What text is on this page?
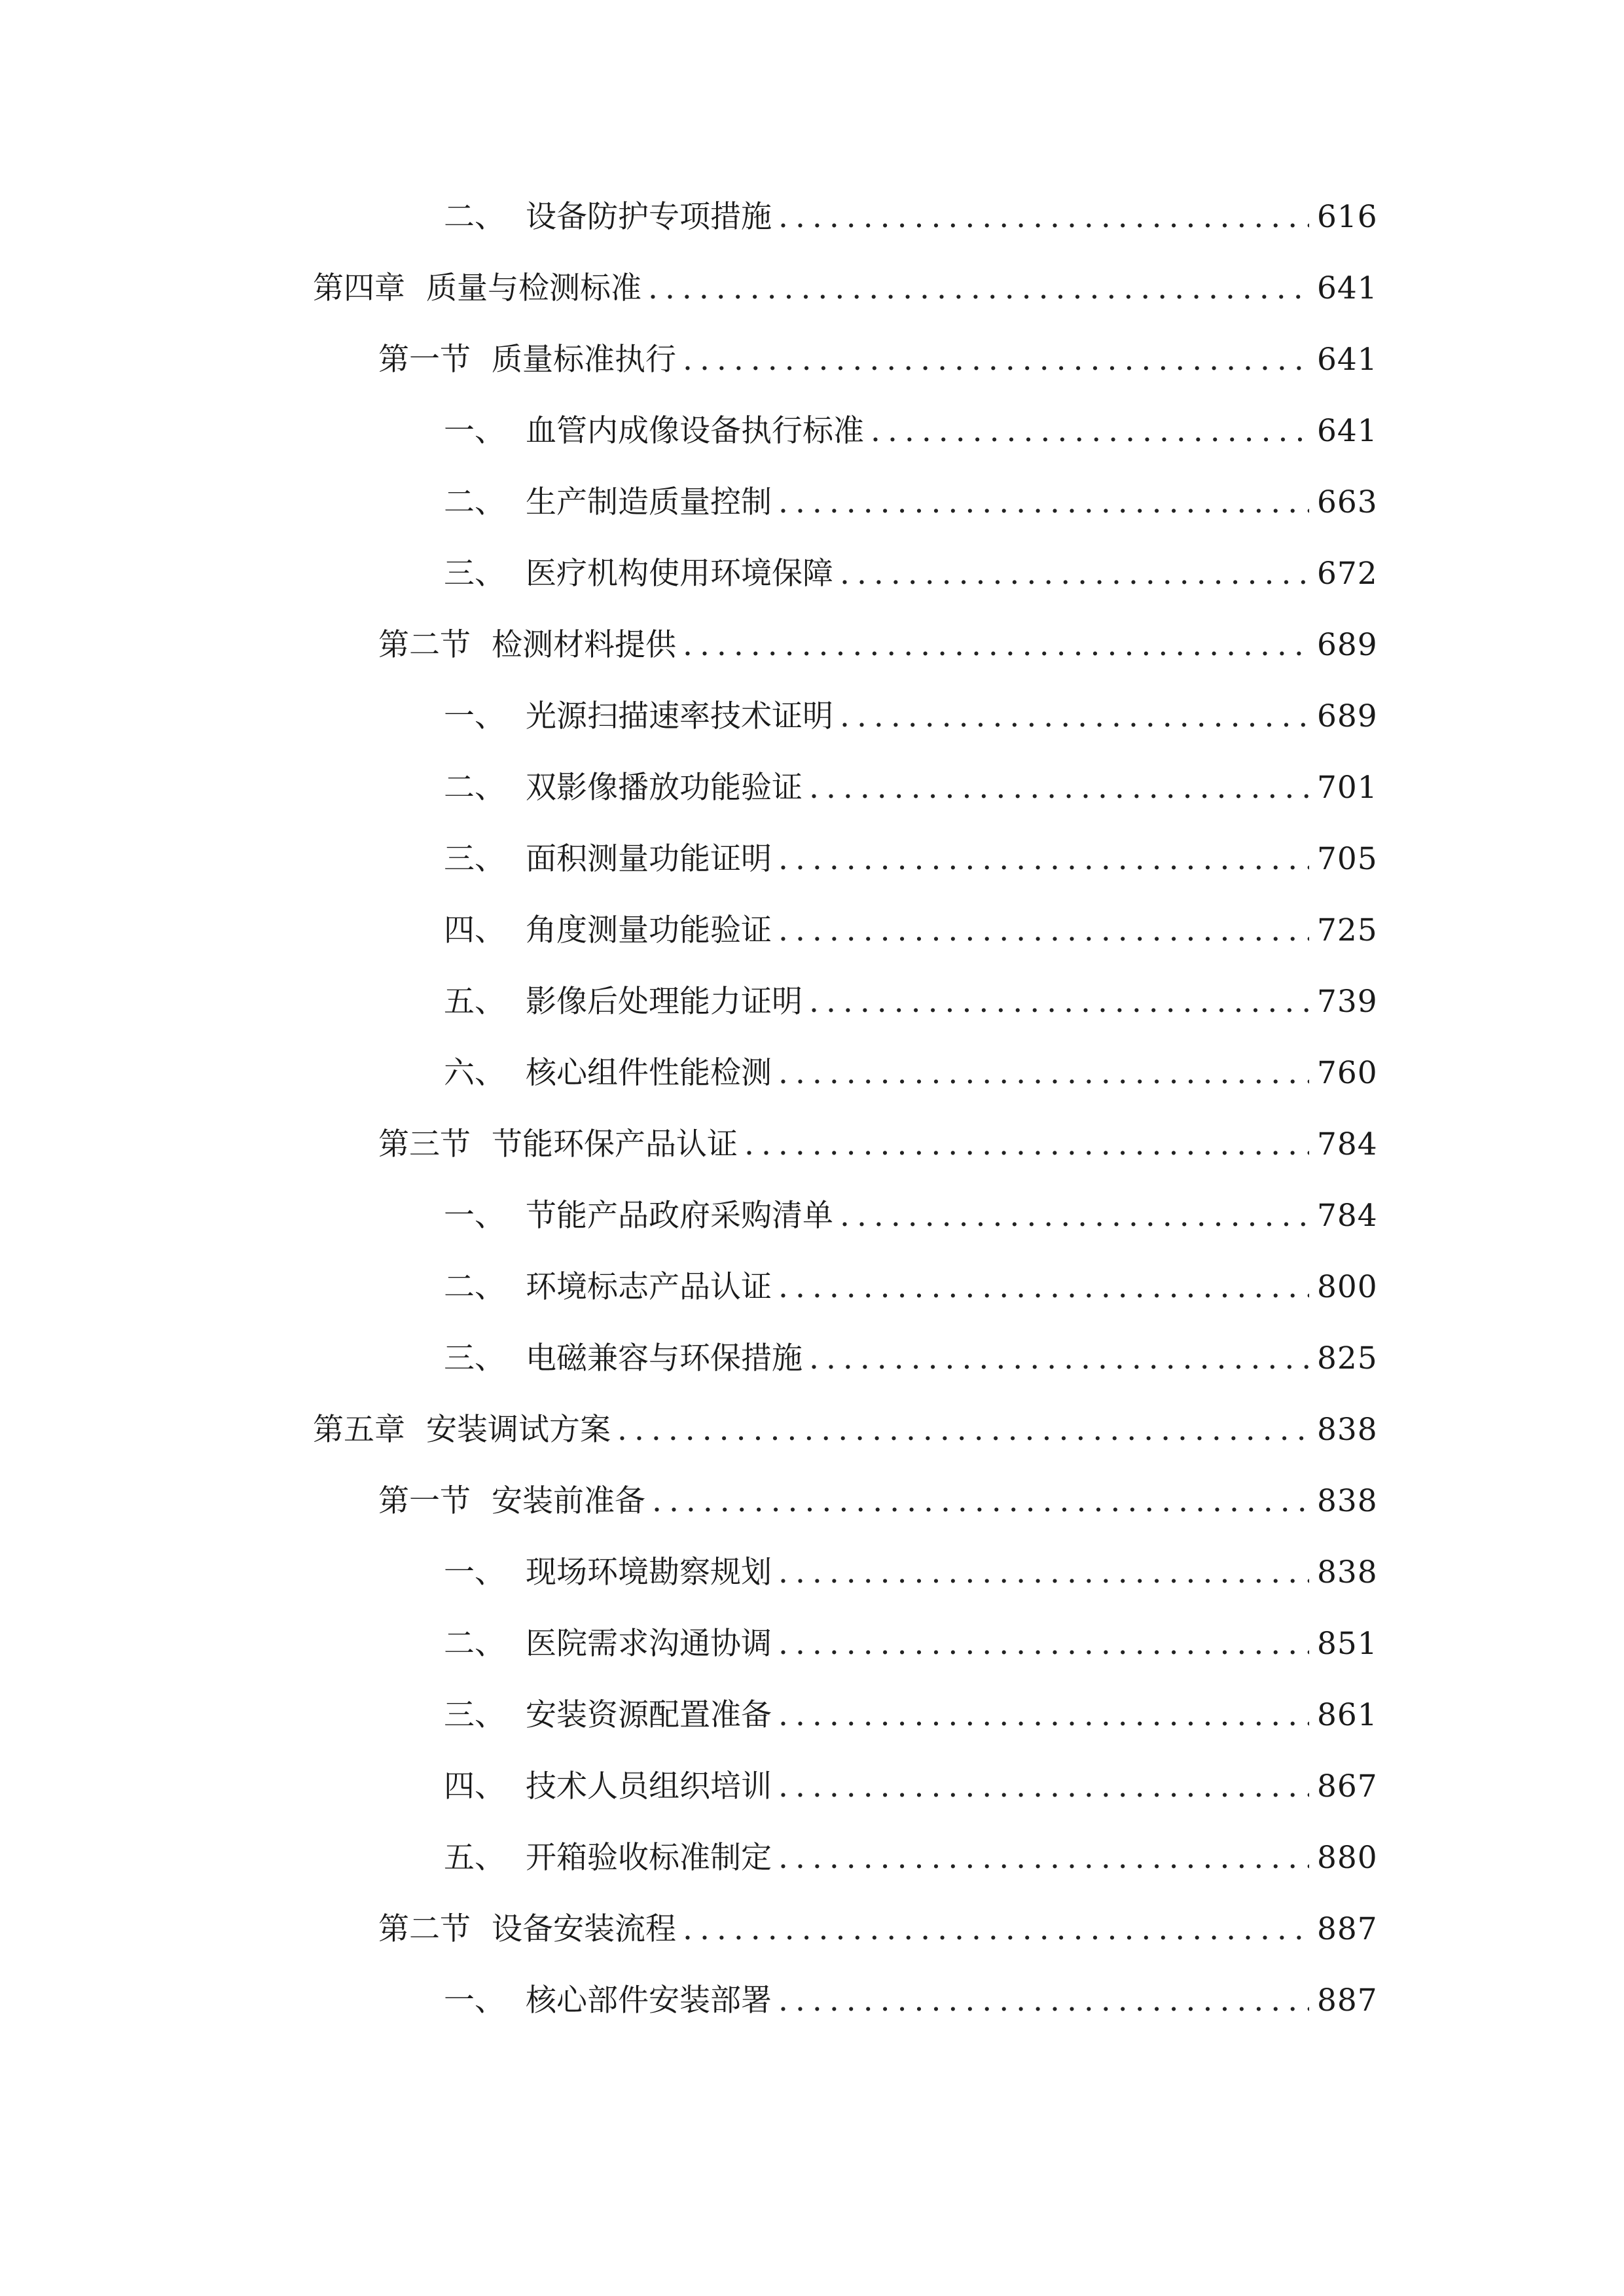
二、 设备防护专项措施 .....	616
第四章 质量与检测标准 .....	641
第一节 质量标准执行 .....	641
一、 血管内成像设备执行标准 .....	641
二、 生产制造质量控制 .....	663
三、 医疗机构使用环境保障 .....	672
第二节 检测材料提供 .....	689
一、 光源扫描速率技术证明 .....	689
二、 双影像播放功能验证 .....	701
三、 面积测量功能证明 .....	705
四、 角度测量功能验证 .....	725
五、 影像后处理能力证明 .....	739
六、 核心组件性能检测 .....	760
第三节 节能环保产品认证 .....	784
一、 节能产品政府采购清单 .....	784
二、 环境标志产品认证 .....	800
三、 电磁兼容与环保措施 .....	825
第五章 安装调试方案 .....	838
第一节 安装前准备 .....	838
一、 现场环境勘察规划 .....	838
二、 医院需求沟通协调 .....	851
三、 安装资源配置准备 .....	861
四、 技术人员组织培训 .....	867
五、 开箱验收标准制定 .....	880
第二节 设备安装流程 .....	887
一、 核心部件安装部署 .....	887
